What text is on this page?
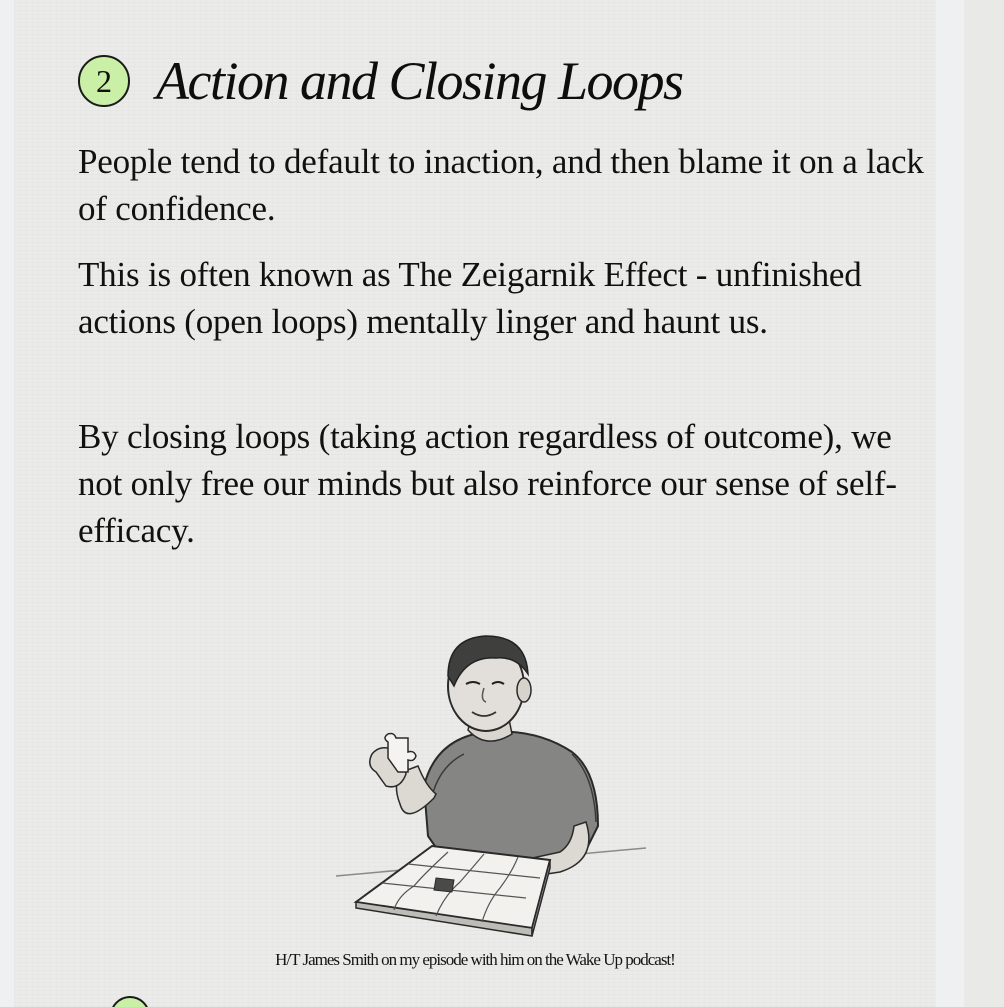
2 Action and Closing Loops

People tend to default to inaction, and then blame it on a lack of confidence.

This is often known as The Zeigarnik Effect - unfinished actions (open loops) mentally linger and haunt us.

By closing loops (taking action regardless of outcome), we not only free our minds but also reinforce our sense of self-efficacy.

H/T James Smith on my episode with him on the Wake Up podcast!
